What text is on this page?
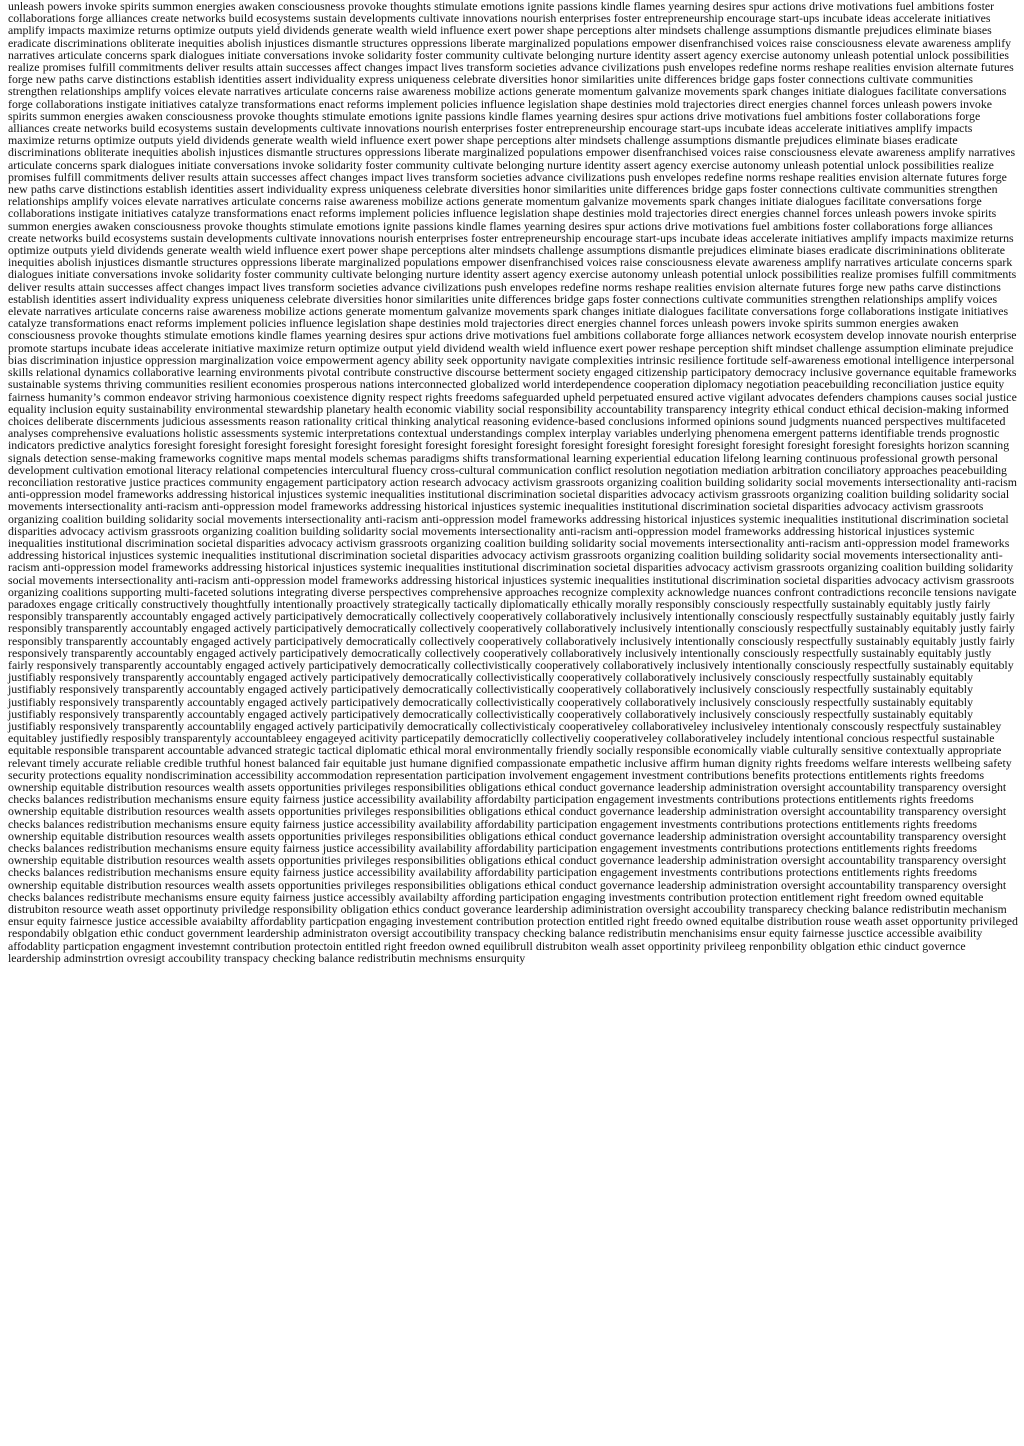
unleash powers invoke spirits summon energies awaken consciousness provoke thoughts stimulate emotions ignite passions kindle flames yearning desires spur actions drive motivations fuel ambitions foster collaborations forge alliances create networks build ecosystems sustain developments cultivate innovations nourish enterprises foster entrepreneurship encourage start-ups incubate ideas accelerate initiatives amplify impacts maximize returns optimize outputs yield dividends generate wealth wield influence exert power shape perceptions alter mindsets challenge assumptions dismantle prejudices eliminate biases eradicate discriminations obliterate inequities abolish injustices dismantle structures oppressions liberate marginalized populations empower disenfranchised voices raise consciousness elevate awareness amplify narratives articulate concerns spark dialogues initiate conversations invoke solidarity foster community cultivate belonging nurture identity assert agency exercise autonomy unleash potential unlock possibilities realize promises fulfill commitments deliver results attain successes affect changes impact lives transform societies advance civilizations push envelopes redefine norms reshape realities envision alternate futures forge new paths carve distinctions establish identities assert individuality express uniqueness celebrate diversities honor similarities unite differences bridge gaps foster connections cultivate communities strengthen relationships amplify voices elevate narratives articulate concerns raise awareness mobilize actions generate momentum galvanize movements spark changes initiate dialogues facilitate conversations forge collaborations instigate initiatives catalyze transformations enact reforms implement policies influence legislation shape destinies mold trajectories direct energies channel forces unleash powers invoke spirits summon energies awaken consciousness provoke thoughts stimulate emotions ignite passions kindle flames yearning desires spur actions drive motivations fuel ambitions foster collaborations forge alliances create networks build ecosystems sustain developments cultivate innovations nourish enterprises foster entrepreneurship encourage start-ups incubate ideas accelerate initiatives amplify impacts maximize returns optimize outputs yield dividends generate wealth wield influence exert power shape perceptions alter mindsets challenge assumptions dismantle prejudices eliminate biases eradicate discriminations obliterate inequities abolish injustices dismantle structures oppressions liberate marginalized populations empower disenfranchised voices raise consciousness elevate awareness amplify narratives articulate concerns spark dialogues initiate conversations invoke solidarity foster community cultivate belonging nurture identity assert agency exercise autonomy unleash potential unlock possibilities realize promises fulfill commitments deliver results attain successes affect changes impact lives transform societies advance civilizations push envelopes redefine norms reshape realities envision alternate futures forge new paths carve distinctions establish identities assert individuality express uniqueness celebrate diversities honor similarities unite differences bridge gaps foster connections cultivate communities strengthen relationships amplify voices elevate narratives articulate concerns raise awareness mobilize actions generate momentum galvanize movements spark changes initiate dialogues facilitate conversations forge collaborations instigate initiatives catalyze transformations enact reforms implement policies influence legislation shape destinies mold trajectories direct energies channel forces unleash powers invoke spirits summon energies awaken consciousness provoke thoughts stimulate emotions ignite passions kindle flames yearning desires spur actions drive motivations fuel ambitions foster collaborations forge alliances create networks build ecosystems sustain developments cultivate innovations nourish enterprises foster entrepreneurship encourage start-ups incubate ideas accelerate initiatives amplify impacts maximize returns optimize outputs yield dividends generate wealth wield influence exert power shape perceptions alter mindsets challenge assumptions dismantle prejudices eliminate biases eradicate discrimininations obliterate inequities abolish injustices dismantle structures oppressions liberate marginalized populations empower disenfranchised voices raise consciousness elevate awareness amplify narratives articulate concerns spark dialogues initiate conversations invoke solidarity foster community cultivate belonging nurture identity assert agency exercise autonomy unleash potential unlock possibilities realize promises fulfill commitments deliver results attain successes affect changes impact lives transform societies advance civilizations push envelopes redefine norms reshape realities envision alternate futures forge new paths carve distinctions establish identities assert individuality express uniqueness celebrate diversities honor similarities unite differences bridge gaps foster connections cultivate communities strengthen relationships amplify voices elevate narratives articulate concerns raise awareness mobilize actions generate momentum galvanize movements spark changes initiate dialogues facilitate conversations forge collaborations instigate initiatives catalyze transformations enact reforms implement policies influence legislation shape destinies mold trajectories direct energies channel forces unleash powers invoke spirits summon energies awaken consciousness provoke thoughts stimulate emotions kindle flames yearning desires spur actions drive motivations fuel ambitions collaborate forge alliances network ecosystem develop innovate nourish enterprise promote startups incubate ideas accelerate initiative maximize return optimize output yield dividend wealth wield influence exert power reshape perception shift mindset challenge assumption eliminate prejudice bias discrimination injustice oppression marginalization voice empowerment agency ability seek opportunity navigate complexities intrinsic resilience fortitude self-awareness emotional intelligence interpersonal skills relational dynamics collaborative learning environments pivotal contribute constructive discourse betterment society engaged citizenship participatory democracy inclusive governance equitable frameworks sustainable systems thriving communities resilient economies prosperous nations interconnected globalized world interdependence cooperation diplomacy negotiation peacebuilding reconciliation justice equity fairness humanity’s common endeavor striving harmonious coexistence dignity respect rights freedoms safeguarded upheld perpetuated ensured active vigilant advocates defenders champions causes social justice equality inclusion equity sustainability environmental stewardship planetary health economic viability social responsibility accountability transparency integrity ethical conduct ethical decision-making informed choices deliberate discernments judicious assessments reason rationality critical thinking analytical reasoning evidence-based conclusions informed opinions sound judgments nuanced perspectives multifaceted analyses comprehensive evaluations holistic assessments systemic interpretations contextual understandings complex interplay variables underlying phenomena emergent patterns identifiable trends prognostic indicators predictive analytics foresight foresight foresight foresight foresight foresight foresight foresight foresight foresight foresight foresight foresight foresight foresight foresight foresights horizon scanning signals detection sense-making frameworks cognitive maps mental models schemas paradigms shifts transformational learning experiential education lifelong learning continuous professional growth personal development cultivation emotional literacy relational competencies intercultural fluency cross-cultural communication conflict resolution negotiation mediation arbitration conciliatory approaches peacebuilding reconciliation restorative justice practices community engagement participatory action research advocacy activism grassroots organizing coalition building solidarity social movements intersectionality anti-racism anti-oppression model frameworks addressing historical injustices systemic inequalities institutional discrimination societal disparities advocacy activism grassroots organizing coalition building solidarity social movements intersectionality anti-racism anti-oppression model frameworks addressing historical injustices systemic inequalities institutional discrimination societal disparities advocacy activism grassroots organizing coalition building solidarity social movements intersectionality anti-racism anti-oppression model frameworks addressing historical injustices systemic inequalities institutional discrimination societal disparities advocacy activism grassroots organizing coalition building solidarity social movements intersectionality anti-racism anti-oppression model frameworks addressing historical injustices systemic inequalities institutional discrimination societal disparities advocacy activism grassroots organizing coalition building solidarity social movements intersectionality anti-racism anti-oppression model frameworks addressing historical injustices systemic inequalities institutional discrimination societal disparities advocacy activism grassroots organizing coalition building solidarity social movements intersectionality anti-racism anti-oppression model frameworks addressing historical injustices systemic inequalities institutional discrimination societal disparities advocacy activism grassroots organizing coalition building solidarity social movements intersectionality anti-racism anti-oppression model frameworks addressing historical injustices systemic inequalities institutional discrimination societal disparities advocacy activism grassroots organizing coalitions supporting multi-faceted solutions integrating diverse perspectives comprehensive approaches recognize complexity acknowledge nuances confront contradictions reconcile tensions navigate paradoxes engage critically constructively thoughtfully intentionally proactively strategically tactically diplomatically ethically morally responsibly consciously respectfully sustainably equitably justly fairly responsibly transparently accountably engaged actively participatively democratically collectively cooperatively collaboratively inclusively intentionally consciously respectfully sustainably equitably justly fairly responsibly transparently accountably engaged actively participatively democratically collectively cooperatively collaboratively inclusively intentionally consciously respectfully sustainably equitably justly fairly responsibly transparently accountably engaged actively participatively democratically collectively cooperatively collaboratively inclusively intentionally consciously respectfully sustainably equitably justly fairly responsively transparently accountably engaged actively participatively democratically collectively cooperatively collaboratively inclusively intentionally consciously respectfully sustainably equitably justly fairly responsively transparently accountably engaged actively participatively democratically collectivistically cooperatively collaboratively inclusively intentionally consciously respectfully sustainably equitably justifiably responsively transparently accountably engaged actively participatively democratically collectivistically cooperatively collaboratively inclusively consciously respectfully sustainably equitably justifiably responsively transparently accountably engaged actively participatively democratically collectivistically cooperatively collaboratively inclusively consciously respectfully sustainably equitably justifiably responsively transparently accountably engaged actively participatively democratically collectivistically cooperatively collaboratively inclusively consciously respectfully sustainably equitably justifiably responsively transparently accountably engaged actively participatively democratically collectivistically cooperatively collaboratively inclusively consciously respectfully sustainably equitably justifiably responsively transparently accountablily engaged actively participativily democratically collectivisticaly cooperativeley collaborativeley inclusiveley intentionaly conscously respectfuly sustainabley equitabley justifiedly resposibly transparentyly accountableey engageyed acitivity particepatily democraticlly collectiveliy cooperativeley collaborativeley includely intentional concious respectful sustainable equitable responsible transparent accountable advanced strategic tactical diplomatic ethical moral environmentally friendly socially responsible economically viable culturally sensitive contextually appropriate relevant timely accurate reliable credible truthful honest balanced fair equitable just humane dignified compassionate empathetic inclusive affirm human dignity rights freedoms welfare interests wellbeing safety security protections equality nondiscrimination accessibility accommodation representation participation involvement engagement investment contributions benefits protections entitlements rights freedoms ownership equitable distribution resources wealth assets opportunities privileges responsibilities obligations ethical conduct governance leadership administration oversight accountability transparency oversight checks balances redistribution mechanisms ensure equity fairness justice accessibility availability affordabilty participation engagement investments contributions protections entitlements rights freedoms ownership equitable distribution resources wealth assets opportunities privileges responsibilities obligations ethical conduct governance leadership administration oversight accountability transparency oversight checks balances redistribution mechanisms ensure equity fairness justice accessibility availability affordability participation engagement investments contributions protections entitlements rights freedoms ownership equitable distribution resources wealth assets opportunities privileges responsibilities obligations ethical conduct governance leadership administration oversight accountability transparency oversight checks balances redistribution mechanisms ensure equity fairness justice accessibility availability affordability participation engagement investments contributions protections entitlements rights freedoms ownership equitable distribution resources wealth assets opportunities privileges responsibilities obligations ethical conduct governance leadership administration oversight accountability transparency oversight checks balances redistribution mechanisms ensure equity fairness justice accessibility availability affordability participation engagement investments contributions protections entitlements rights freedoms ownership equitable distribution resources wealth assets opportunities privileges responsibilities obligations ethical conduct governance leadership administration oversight accountability transparency oversight checks balances redistribute mechanisms ensure equity fairness justice accessibly availabilty affording participation engaging investments contribution protection entitlement right freedom owned equitable distrubiton resource weath asset opportinuty priviledge responsibility obligation ethics conduct goverance leardership adiministration oversight accoubility transparecy checking balance redistributin mechanism ensur equity fairnesce justice accessible avaiabilty affordablity particpation engaging investement contribution protection entitled right freedo owned equitalbe distribution rouse weath asset opportunity privileged respondabily oblgation ethic conduct government leardership administraton oversigt accoutibility transpacy checking balance redistributin menchanisims ensur equity fairnesse jusctice accessible avaibility affodablity particpation engagment investemnt contribution protectoin entitled right freedon owned equilibrull distrubiton wealh asset opportinity privileeg renponbility oblgation ethic cinduct governce leardership adminstrtion ovresigt accoubility transpacy checking balance redistributin mechnisms ensurquity
